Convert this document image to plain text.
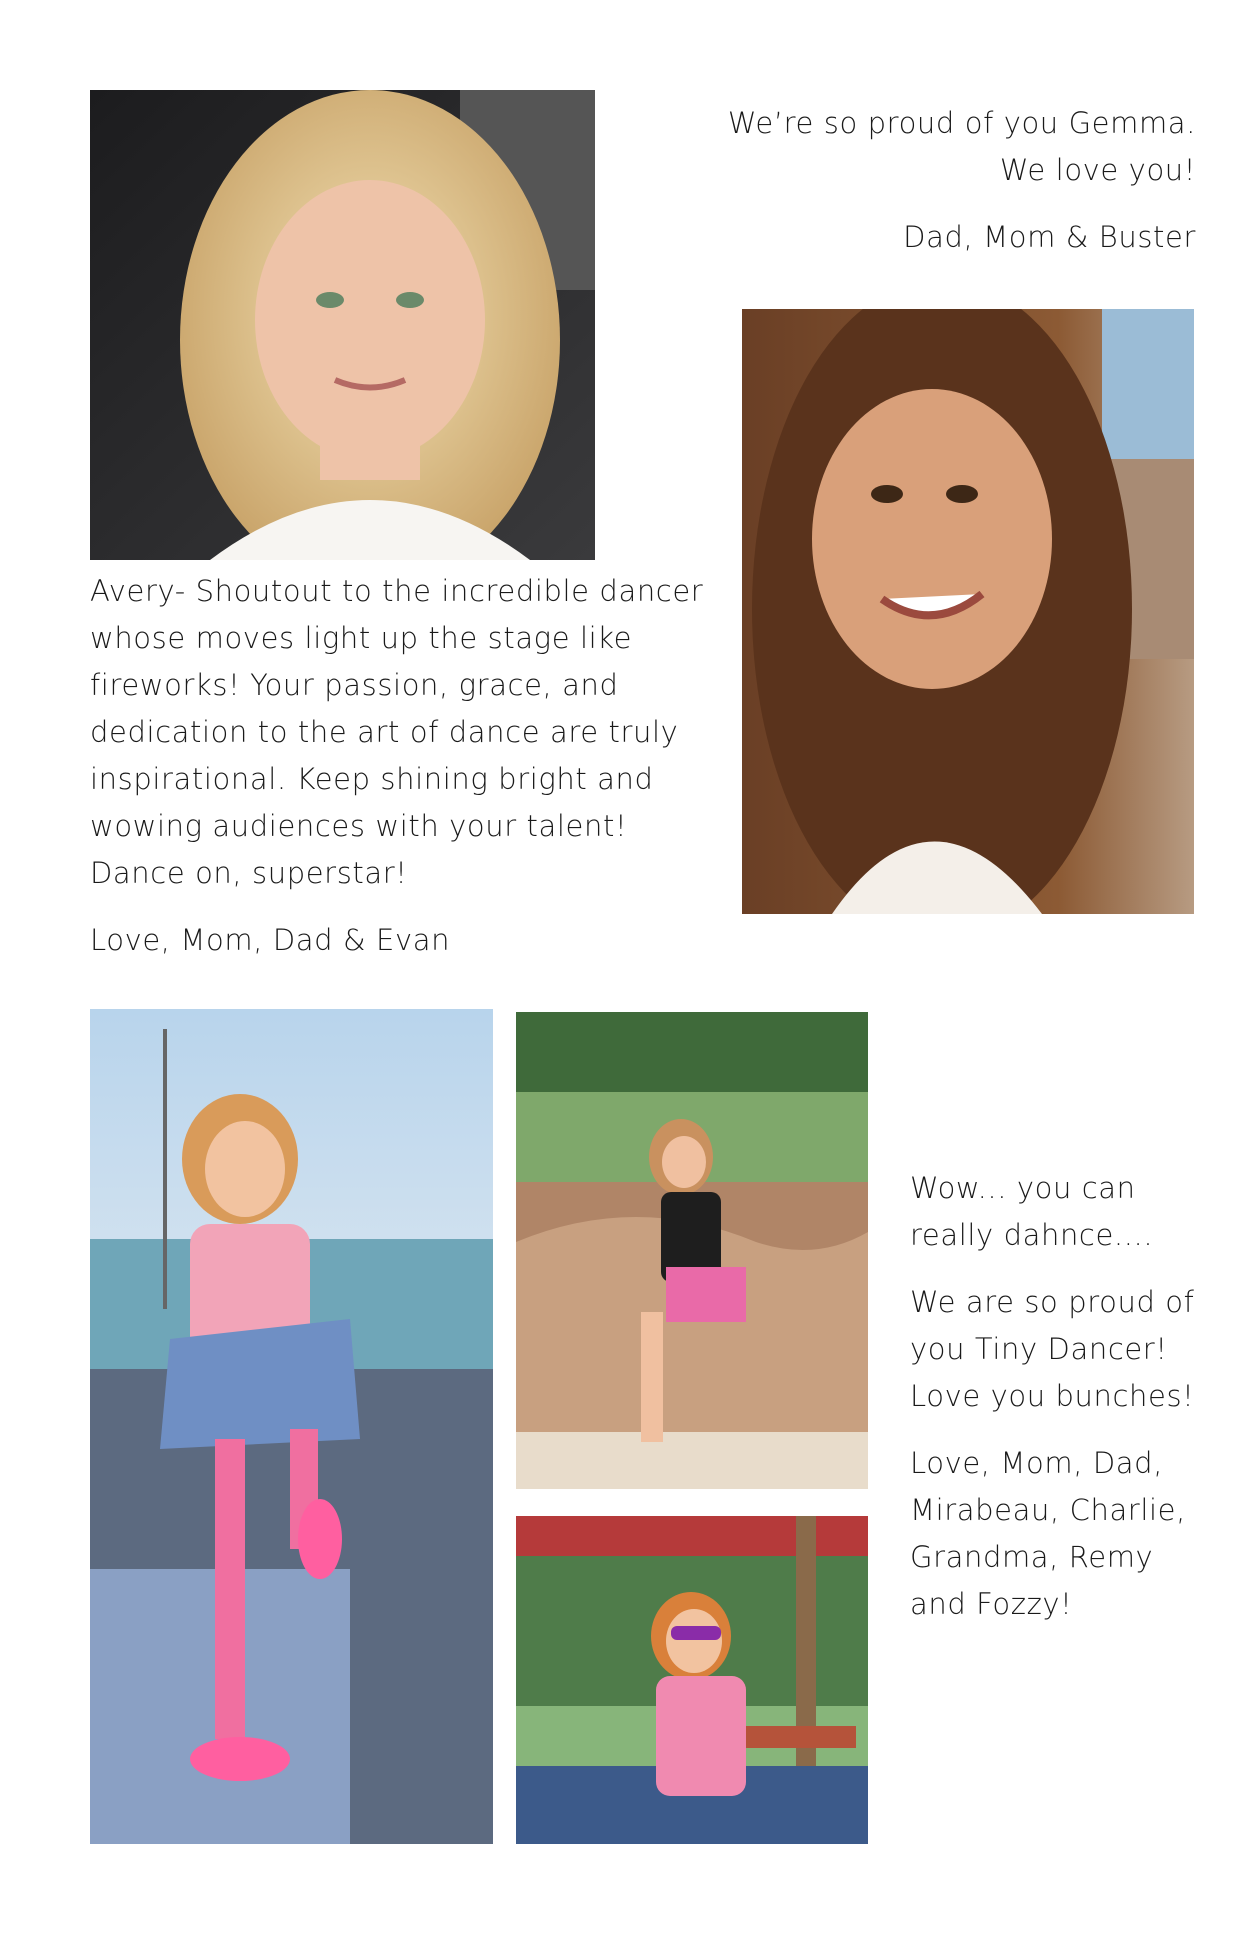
We’re so proud of you Gemma. We love you!

Dad, Mom & Buster

Avery- Shoutout to the incredible dancer whose moves light up the stage like fireworks! Your passion, grace, and dedication to the art of dance are truly inspirational. Keep shining bright and wowing audiences with your talent! Dance on, superstar!

Love, Mom, Dad & Evan

Wow... you can really dahnce....

We are so proud of you Tiny Dancer! Love you bunches!

Love, Mom, Dad, Mirabeau, Charlie, Grandma, Remy and Fozzy!
